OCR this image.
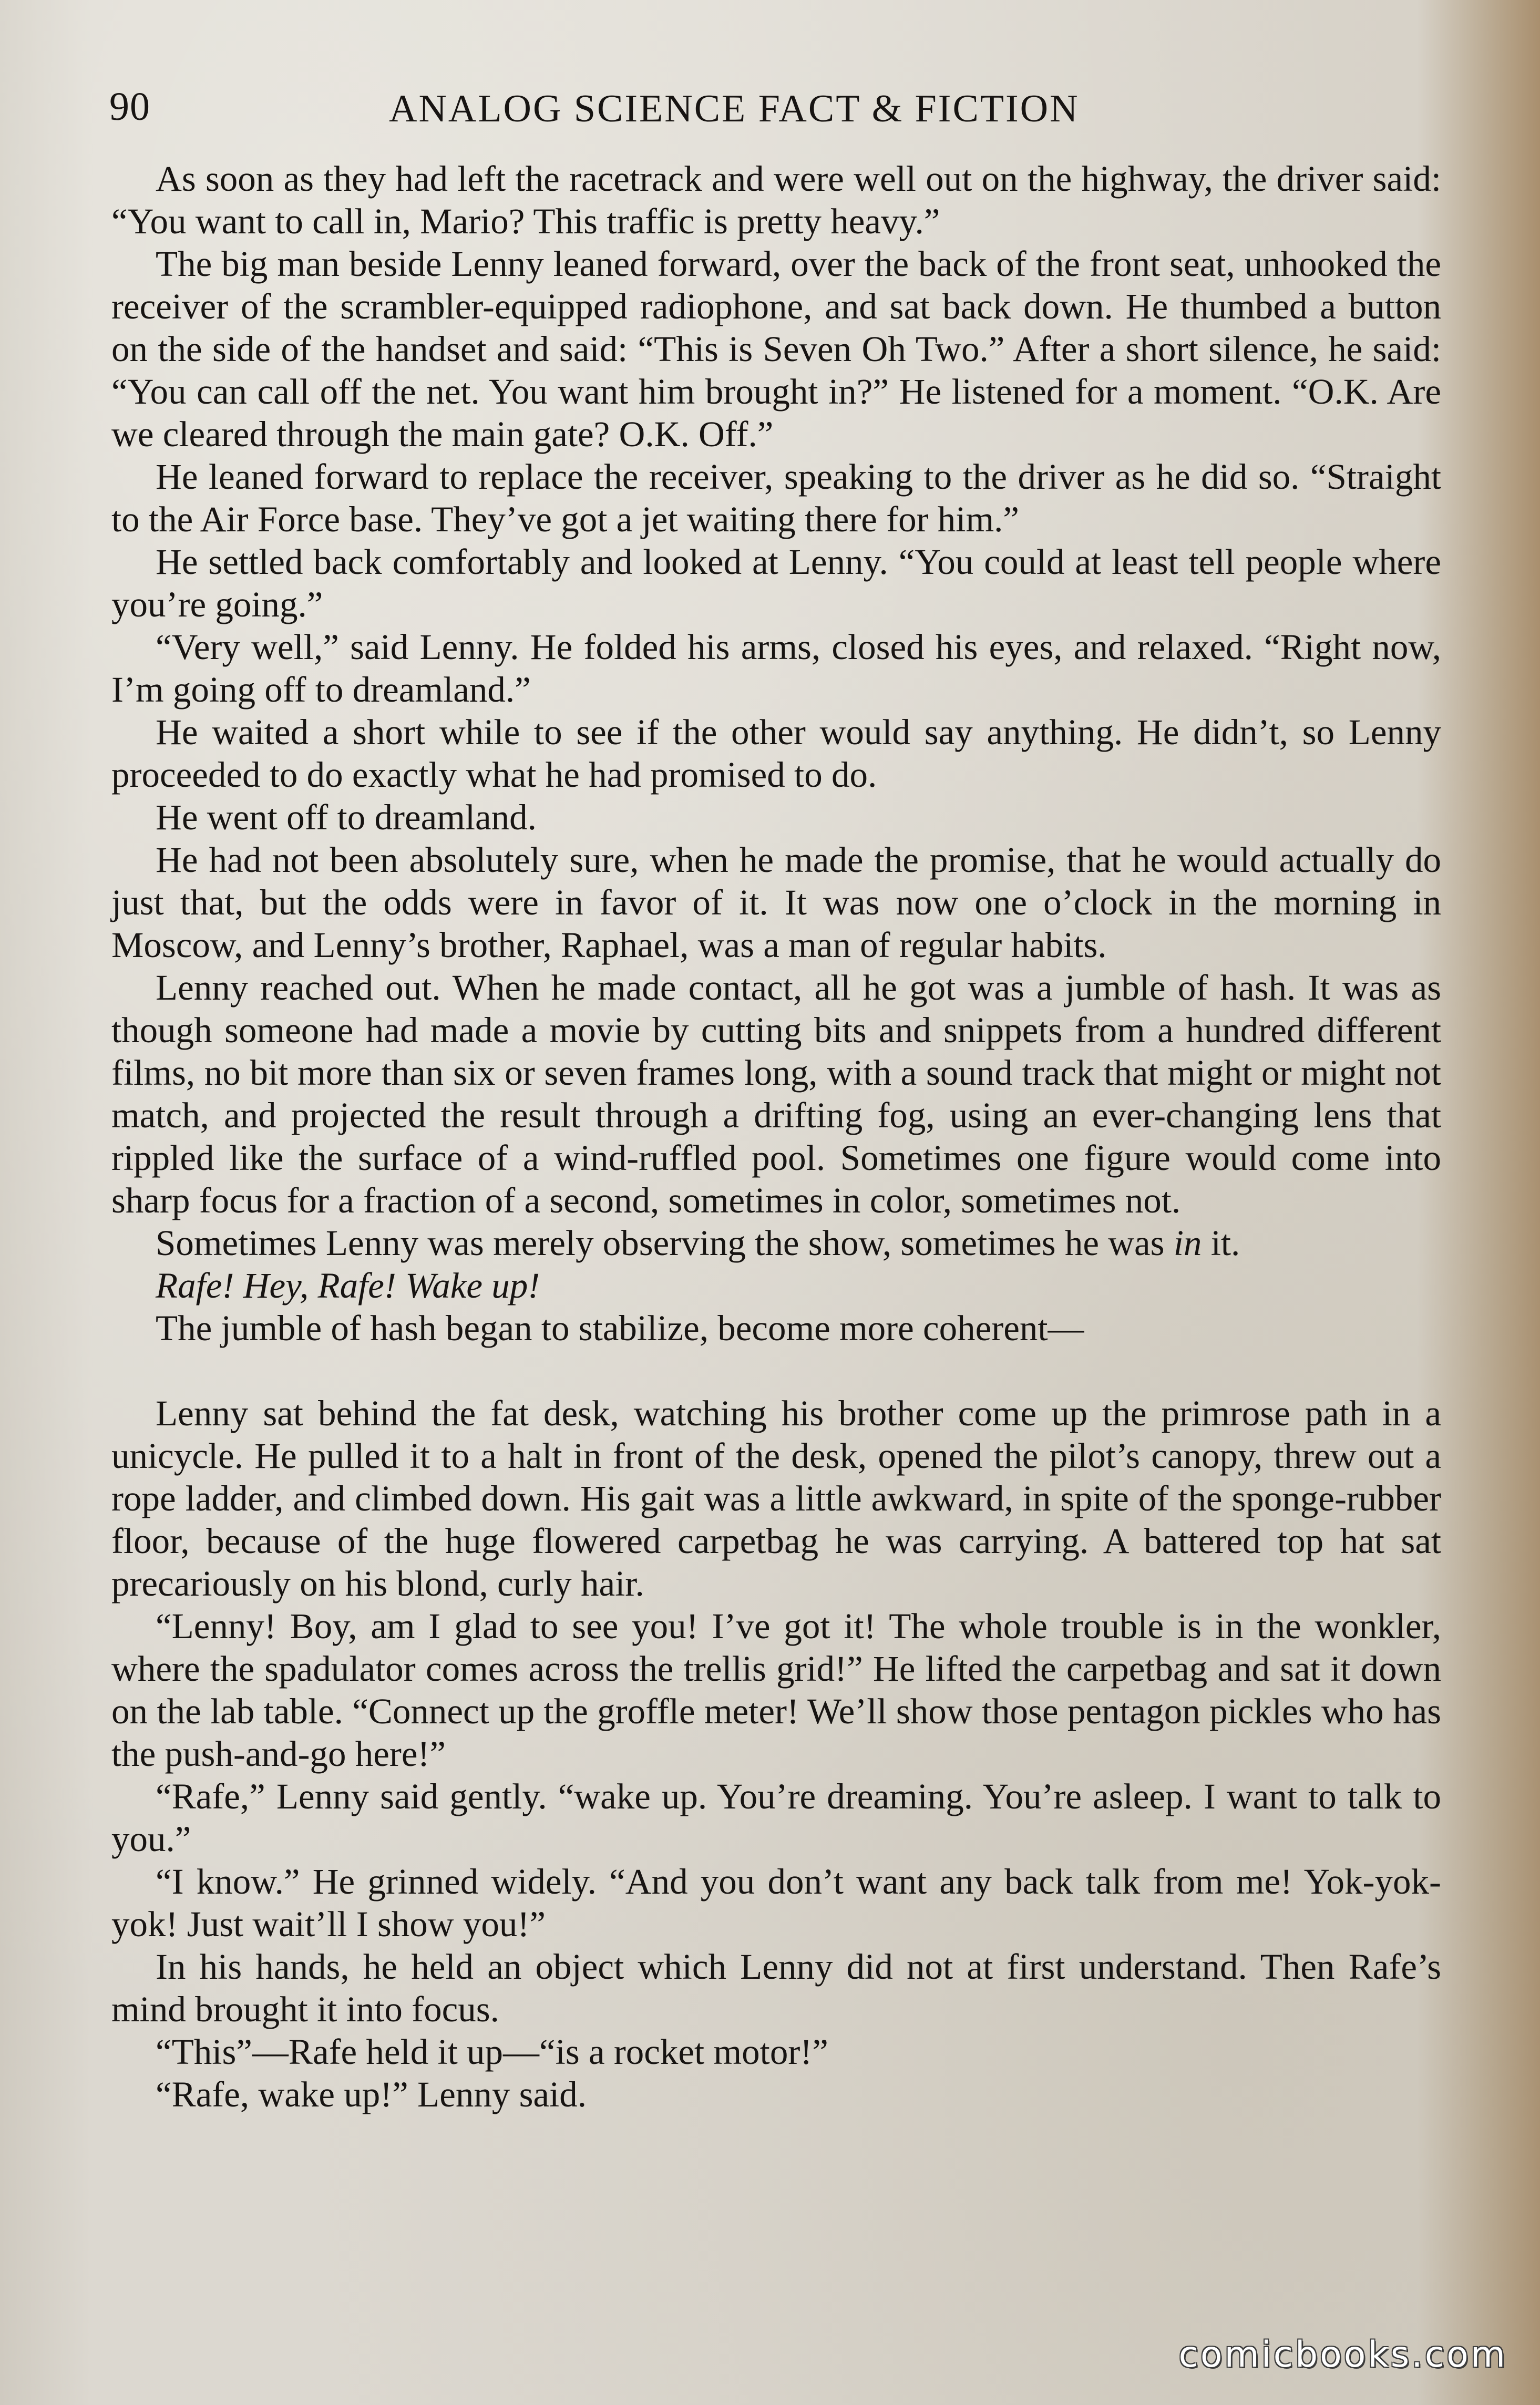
90	ANALOG SCIENCE FACT & FICTION

As soon as they had left the racetrack and were well out on the highway, the driver said: “You want to call in, Mario? This traffic is pretty heavy.”

The big man beside Lenny leaned forward, over the back of the front seat, unhooked the receiver of the scrambler-equipped radiophone, and sat back down. He thumbed a button on the side of the handset and said: “This is Seven Oh Two.” After a short silence, he said: “You can call off the net. You want him brought in?” He listened for a moment. “O.K. Are we cleared through the main gate? O.K. Off.”

He leaned forward to replace the receiver, speaking to the driver as he did so. “Straight to the Air Force base. They’ve got a jet waiting there for him.”

He settled back comfortably and looked at Lenny. “You could at least tell people where you’re going.”

“Very well,” said Lenny. He folded his arms, closed his eyes, and relaxed. “Right now, I’m going off to dreamland.”

He waited a short while to see if the other would say anything. He didn’t, so Lenny proceeded to do exactly what he had promised to do.

He went off to dreamland.

He had not been absolutely sure, when he made the promise, that he would actually do just that, but the odds were in favor of it. It was now one o’clock in the morning in Moscow, and Lenny’s brother, Raphael, was a man of regular habits.

Lenny reached out. When he made contact, all he got was a jumble of hash. It was as though someone had made a movie by cutting bits and snippets from a hundred different films, no bit more than six or seven frames long, with a sound track that might or might not match, and projected the result through a drifting fog, using an ever-changing lens that rippled like the surface of a wind-ruffled pool. Sometimes one figure would come into sharp focus for a fraction of a second, sometimes in color, sometimes not.

Sometimes Lenny was merely observing the show, sometimes he was in it.

Rafe! Hey, Rafe! Wake up!

The jumble of hash began to stabilize, become more coherent—

Lenny sat behind the fat desk, watching his brother come up the primrose path in a unicycle. He pulled it to a halt in front of the desk, opened the pilot’s canopy, threw out a rope ladder, and climbed down. His gait was a little awkward, in spite of the sponge-rubber floor, because of the huge flowered carpetbag he was carrying. A battered top hat sat precariously on his blond, curly hair.

“Lenny! Boy, am I glad to see you! I’ve got it! The whole trouble is in the wonkler, where the spadulator comes across the trellis grid!” He lifted the carpetbag and sat it down on the lab table. “Connect up the groffle meter! We’ll show those pentagon pickles who has the push-and-go here!”

“Rafe,” Lenny said gently. “wake up. You’re dreaming. You’re asleep. I want to talk to you.”

“I know.” He grinned widely. “And you don’t want any back talk from me! Yok-yok-yok! Just wait’ll I show you!”

In his hands, he held an object which Lenny did not at first understand. Then Rafe’s mind brought it into focus.

“This”—Rafe held it up—“is a rocket motor!”

“Rafe, wake up!” Lenny said.

comicbooks.com
